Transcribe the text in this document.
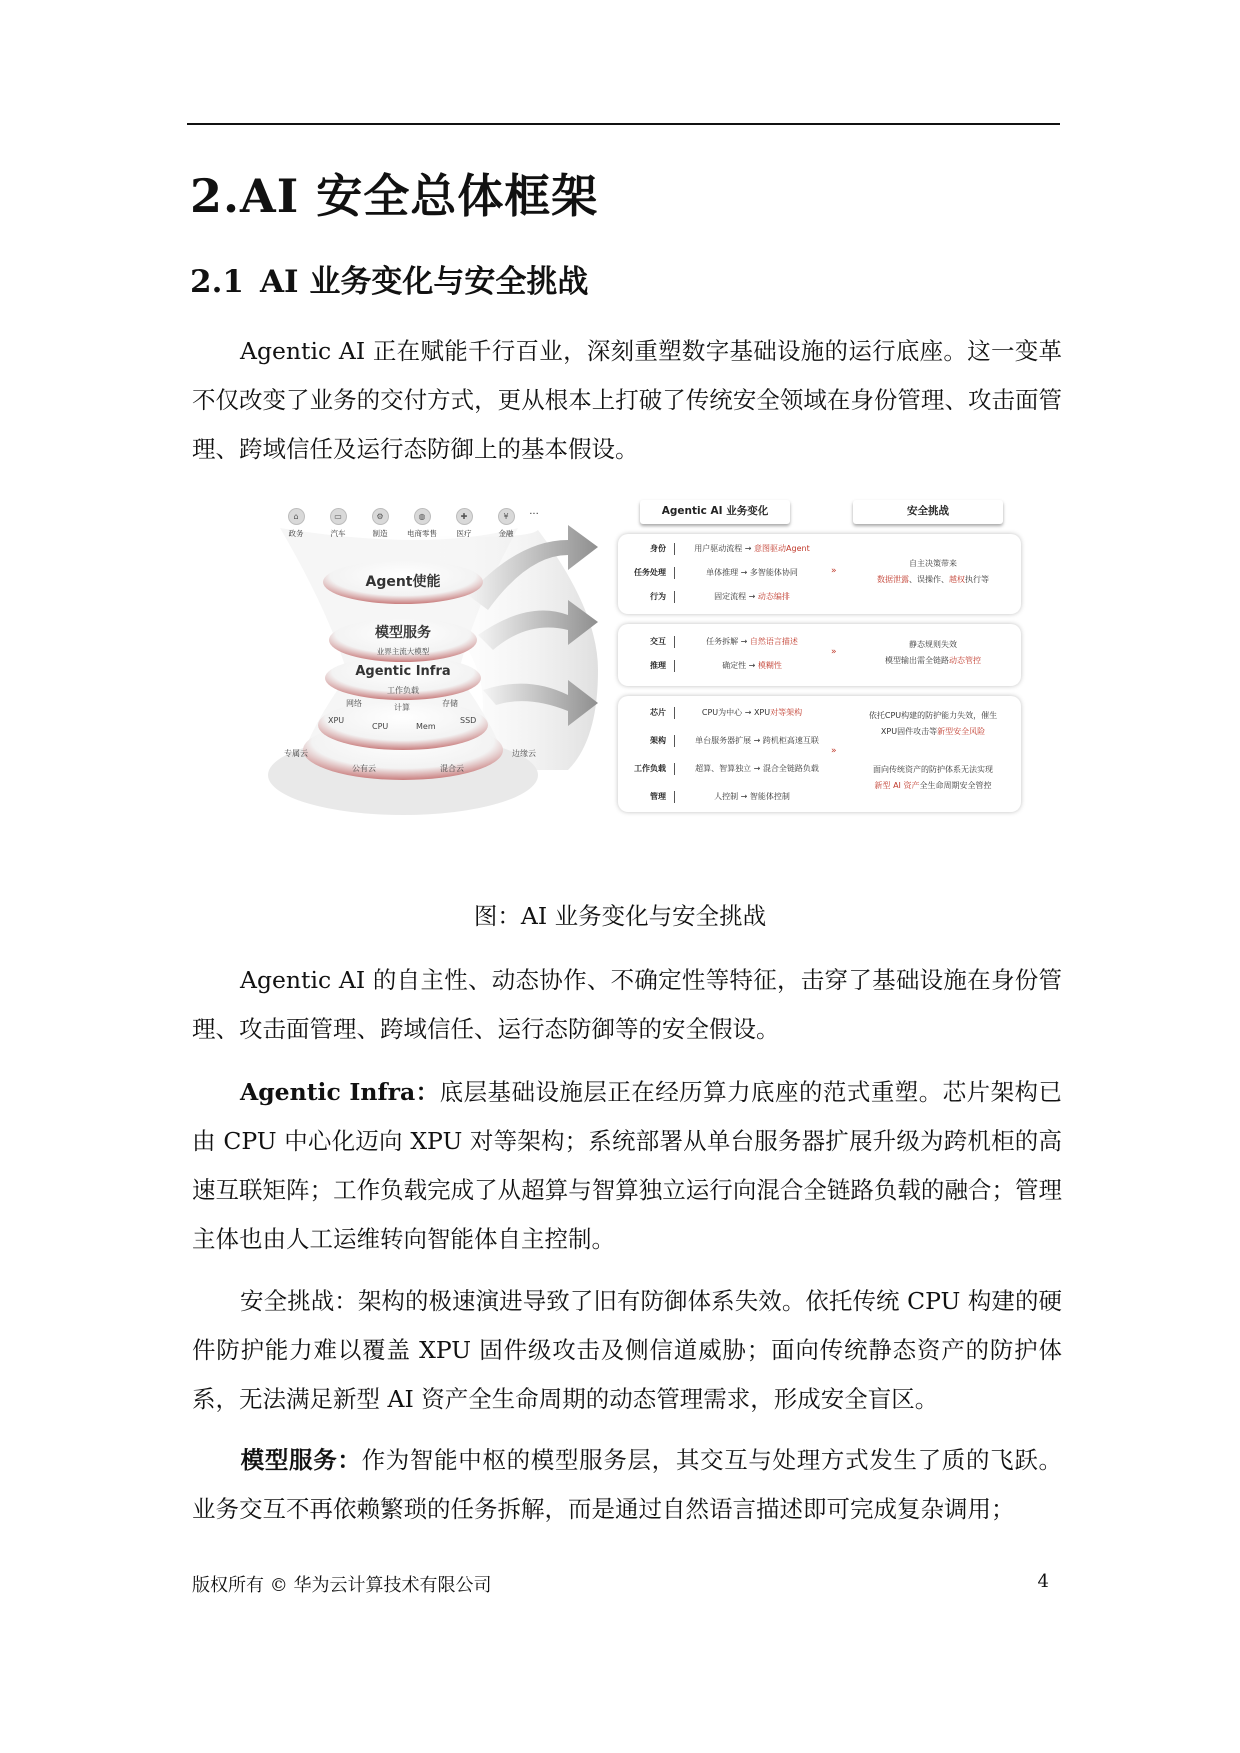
2.AI 安全总体框架
2.1 AI 业务变化与安全挑战

Agentic AI 正在赋能千行百业，深刻重塑数字基础设施的运行底座。这一变革不仅改变了业务的交付方式，更从根本上打破了传统安全领域在身份管理、攻击面管理、跨域信任及运行态防御上的基本假设。

⌂
政务
▭
汽车
⚙
制造
◍
电商零售
✚
医疗
¥
金融
...
Agent使能
模型服务
业界主流大模型
Agentic Infra
工作负载
网络	计算	存储
XPU
CPU	Mem
SSD
专属云
公有云	混合云
边缘云
Agentic AI 业务变化	安全挑战
身份	用户驱动流程 → 意图驱动Agent
任务处理	单体推理 → 多智能体协同
行为	固定流程 → 动态编排
»
自主决策带来
数据泄露、误操作、越权执行等
交互	任务拆解 → 自然语言描述
推理	确定性 → 模糊性
»
静态规则失效
模型输出需全链路动态管控
芯片	CPU为中心 → XPU对等架构
架构	单台服务器扩展 → 跨机柜高速互联
工作负载	超算、智算独立 → 混合全链路负载
管理	人控制 → 智能体控制
»
依托CPU构建的防护能力失效，催生
XPU固件攻击等新型安全风险
面向传统资产的防护体系无法实现
新型 AI 资产全生命周期安全管控
图：AI 业务变化与安全挑战

Agentic AI 的自主性、动态协作、不确定性等特征，击穿了基础设施在身份管理、攻击面管理、跨域信任、运行态防御等的安全假设。

Agentic Infra：底层基础设施层正在经历算力底座的范式重塑。芯片架构已由 CPU 中心化迈向 XPU 对等架构；系统部署从单台服务器扩展升级为跨机柜的高速互联矩阵；工作负载完成了从超算与智算独立运行向混合全链路负载的融合；管理主体也由人工运维转向智能体自主控制。

安全挑战：架构的极速演进导致了旧有防御体系失效。依托传统 CPU 构建的硬件防护能力难以覆盖 XPU 固件级攻击及侧信道威胁；面向传统静态资产的防护体系，无法满足新型 AI 资产全生命周期的动态管理需求，形成安全盲区。

模型服务：作为智能中枢的模型服务层，其交互与处理方式发生了质的飞跃。业务交互不再依赖繁琐的任务拆解，而是通过自然语言描述即可完成复杂调用；

版权所有 © 华为云计算技术有限公司	4
